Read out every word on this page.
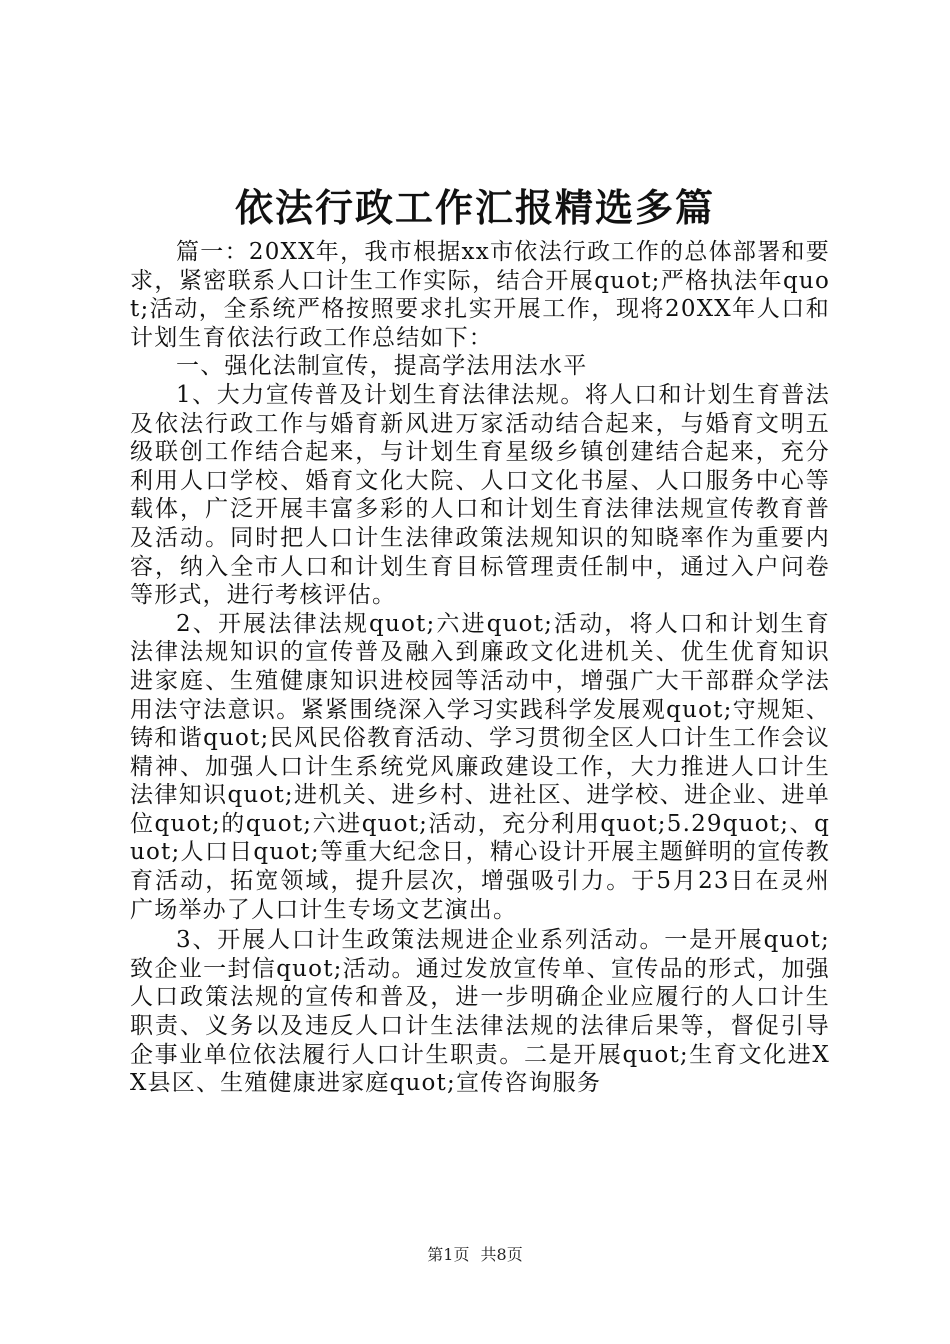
依法行政工作汇报精选多篇

篇一：20XX年，我市根据xx市依法行政工作的总体部署和要求，紧密联系人口计生工作实际，结合开展quot;严格执法年quot;活动，全系统严格按照要求扎实开展工作，现将20XX年人口和计划生育依法行政工作总结如下：

一、强化法制宣传，提高学法用法水平

1、大力宣传普及计划生育法律法规。将人口和计划生育普法及依法行政工作与婚育新风进万家活动结合起来，与婚育文明五级联创工作结合起来，与计划生育星级乡镇创建结合起来，充分利用人口学校、婚育文化大院、人口文化书屋、人口服务中心等载体，广泛开展丰富多彩的人口和计划生育法律法规宣传教育普及活动。同时把人口计生法律政策法规知识的知晓率作为重要内容，纳入全市人口和计划生育目标管理责任制中，通过入户问卷等形式，进行考核评估。

2、开展法律法规quot;六进quot;活动，将人口和计划生育法律法规知识的宣传普及融入到廉政文化进机关、优生优育知识进家庭、生殖健康知识进校园等活动中，增强广大干部群众学法用法守法意识。紧紧围绕深入学习实践科学发展观quot;守规矩、铸和谐quot;民风民俗教育活动、学习贯彻全区人口计生工作会议精神、加强人口计生系统党风廉政建设工作，大力推进人口计生法律知识quot;进机关、进乡村、进社区、进学校、进企业、进单位quot;的quot;六进quot;活动，充分利用quot;5.29quot;、quot;人口日quot;等重大纪念日，精心设计开展主题鲜明的宣传教育活动，拓宽领域，提升层次，增强吸引力。于5月23日在灵州广场举办了人口计生专场文艺演出。

3、开展人口计生政策法规进企业系列活动。一是开展quot;致企业一封信quot;活动。通过发放宣传单、宣传品的形式，加强人口政策法规的宣传和普及，进一步明确企业应履行的人口计生职责、义务以及违反人口计生法律法规的法律后果等，督促引导企事业单位依法履行人口计生职责。二是开展quot;生育文化进XX县区、生殖健康进家庭quot;宣传咨询服务

第1页 共8页
